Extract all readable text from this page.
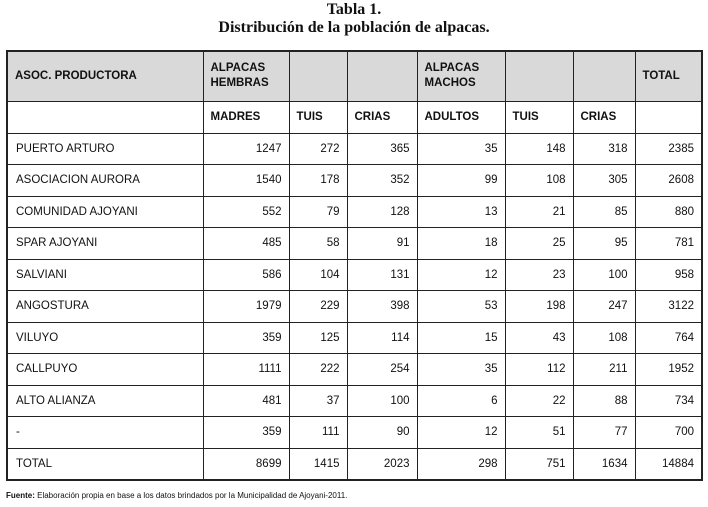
Tabla 1.
Distribución de la población de alpacas.
ASOC. PRODUCTORA	ALPACAS HEMBRAS			ALPACAS MACHOS			TOTAL
	MADRES	TUIS	CRIAS	ADULTOS	TUIS	CRIAS	
PUERTO ARTURO	1247	272	365	35	148	318	2385
ASOCIACION AURORA	1540	178	352	99	108	305	2608
COMUNIDAD AJOYANI	552	79	128	13	21	85	880
SPAR AJOYANI	485	58	91	18	25	95	781
SALVIANI	586	104	131	12	23	100	958
ANGOSTURA	1979	229	398	53	198	247	3122
VILUYO	359	125	114	15	43	108	764
CALLPUYO	1111	222	254	35	112	211	1952
ALTO ALIANZA	481	37	100	6	22	88	734
-	359	111	90	12	51	77	700
TOTAL	8699	1415	2023	298	751	1634	14884
Fuente: Elaboración propia en base a los datos brindados por la Municipalidad de Ajoyani-2011.
